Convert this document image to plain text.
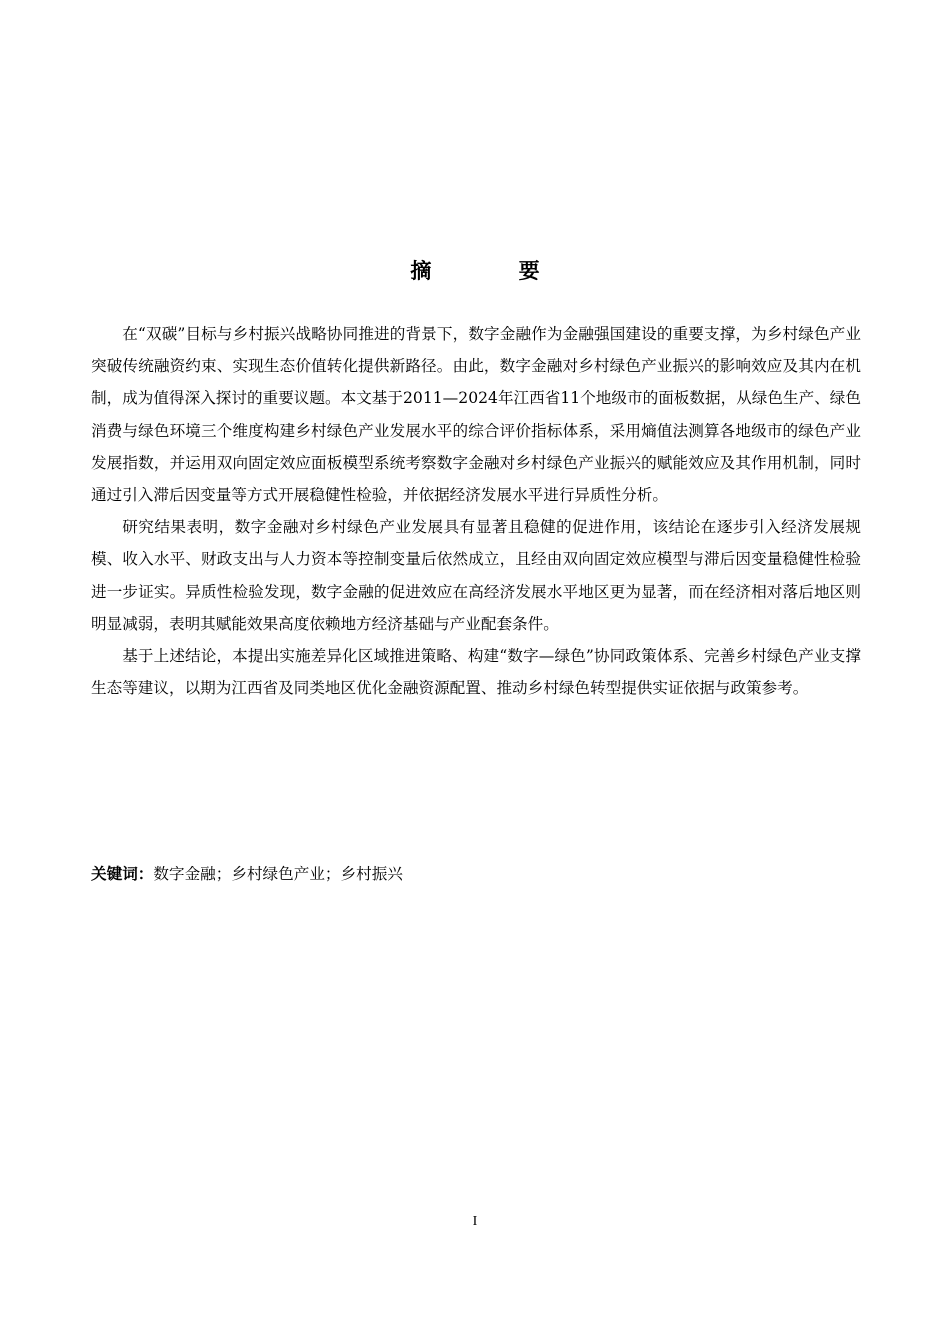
摘 要

在“双碳”目标与乡村振兴战略协同推进的背景下，数字金融作为金融强国建设的重要支撑，为乡村绿色产业突破传统融资约束、实现生态价值转化提供新路径。由此，数字金融对乡村绿色产业振兴的影响效应及其内在机制，成为值得深入探讨的重要议题。本文基于2011—2024年江西省11个地级市的面板数据，从绿色生产、绿色消费与绿色环境三个维度构建乡村绿色产业发展水平的综合评价指标体系，采用熵值法测算各地级市的绿色产业发展指数，并运用双向固定效应面板模型系统考察数字金融对乡村绿色产业振兴的赋能效应及其作用机制，同时通过引入滞后因变量等方式开展稳健性检验，并依据经济发展水平进行异质性分析。

研究结果表明，数字金融对乡村绿色产业发展具有显著且稳健的促进作用，该结论在逐步引入经济发展规模、收入水平、财政支出与人力资本等控制变量后依然成立，且经由双向固定效应模型与滞后因变量稳健性检验进一步证实。异质性检验发现，数字金融的促进效应在高经济发展水平地区更为显著，而在经济相对落后地区则明显减弱，表明其赋能效果高度依赖地方经济基础与产业配套条件。

基于上述结论，本提出实施差异化区域推进策略、构建“数字—绿色”协同政策体系、完善乡村绿色产业支撑生态等建议，以期为江西省及同类地区优化金融资源配置、推动乡村绿色转型提供实证依据与政策参考。

关键词：数字金融；乡村绿色产业；乡村振兴

I
